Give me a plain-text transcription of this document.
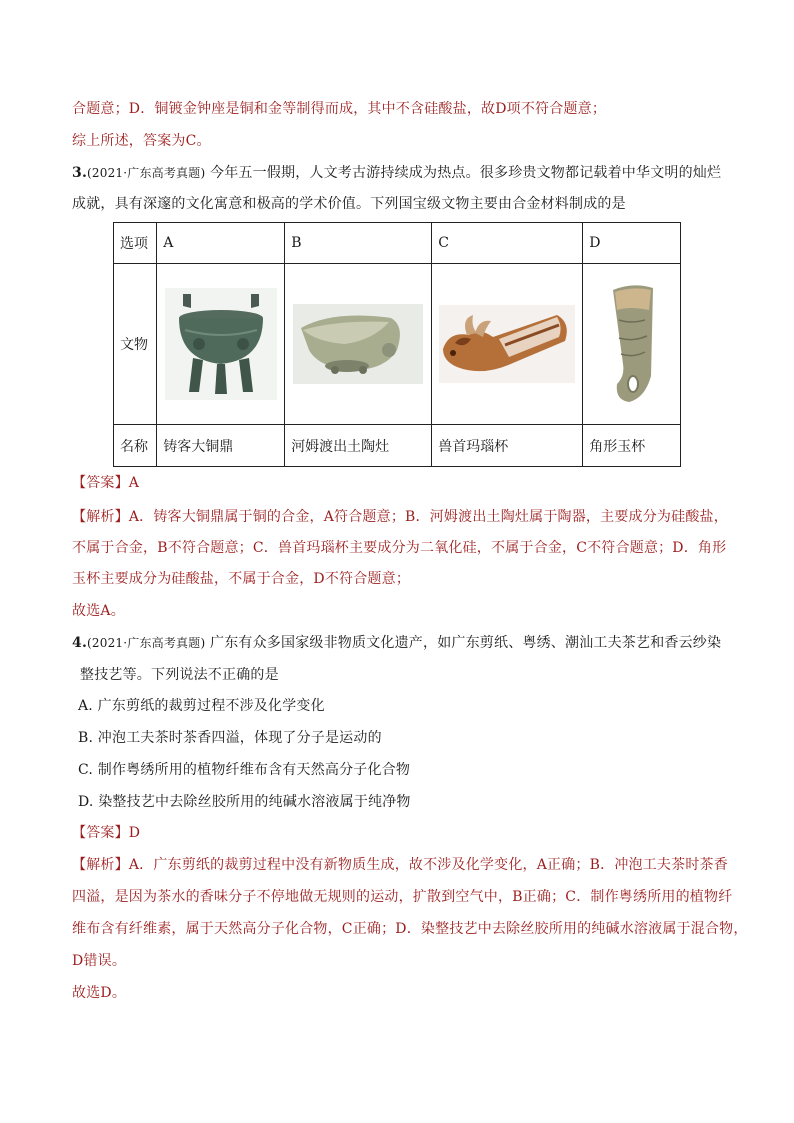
合题意；D．铜镀金钟座是铜和金等制得而成，其中不含硅酸盐，故D项不符合题意；
综上所述，答案为C。
3.(2021·广东高考真题) 今年五一假期，人文考古游持续成为热点。很多珍贵文物都记载着中华文明的灿烂
成就，具有深邃的文化寓意和极高的学术价值。下列国宝级文物主要由合金材料制成的是
选项	A	B	C	D
文物	

名称	铸客大铜鼎	河姆渡出土陶灶	兽首玛瑙杯	角形玉杯
【答案】A
【解析】A．铸客大铜鼎属于铜的合金，A符合题意；B．河姆渡出土陶灶属于陶器，主要成分为硅酸盐，
不属于合金，B不符合题意；C．兽首玛瑙杯主要成分为二氧化硅，不属于合金，C不符合题意；D．角形
玉杯主要成分为硅酸盐，不属于合金，D不符合题意；
故选A。
4.(2021·广东高考真题) 广东有众多国家级非物质文化遗产，如广东剪纸、粤绣、潮汕工夫茶艺和香云纱染
整技艺等。下列说法不正确的是
A. 广东剪纸的裁剪过程不涉及化学变化
B. 冲泡工夫茶时茶香四溢，体现了分子是运动的
C. 制作粤绣所用的植物纤维布含有天然高分子化合物
D. 染整技艺中去除丝胶所用的纯碱水溶液属于纯净物
【答案】D
【解析】A．广东剪纸的裁剪过程中没有新物质生成，故不涉及化学变化，A正确；B．冲泡工夫茶时茶香
四溢，是因为茶水的香味分子不停地做无规则的运动，扩散到空气中，B正确；C．制作粤绣所用的植物纤
维布含有纤维素，属于天然高分子化合物，C正确；D．染整技艺中去除丝胶所用的纯碱水溶液属于混合物，
D错误。
故选D。
